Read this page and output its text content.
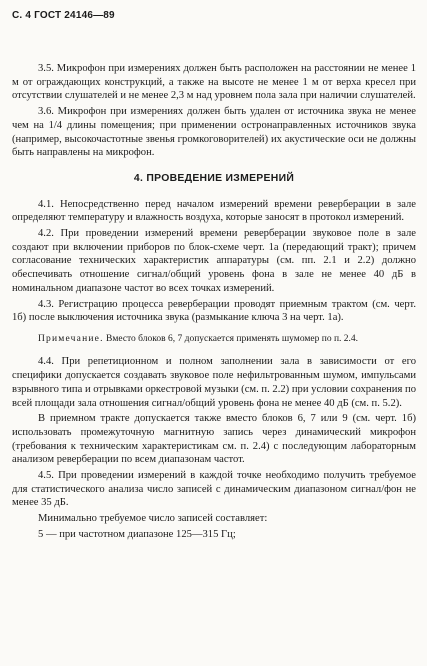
С. 4 ГОСТ 24146—89

3.5. Микрофон при измерениях должен быть расположен на расстоянии не менее 1 м от ограждающих конструкций, а также на высоте не менее 1 м от верха кресел при отсутствии слушателей и не менее 2,3 м над уровнем пола зала при наличии слушателей.

3.6. Микрофон при измерениях должен быть удален от источника звука не менее чем на 1/4 длины помещения; при применении остронаправленных источников звука (например, высокочастотные звенья громкоговорителей) их акустические оси не должны быть направлены на микрофон.

4. ПРОВЕДЕНИЕ ИЗМЕРЕНИЙ

4.1. Непосредственно перед началом измерений времени реверберации в зале определяют температуру и влажность воздуха, которые заносят в протокол измерений.

4.2. При проведении измерений времени реверберации звуковое поле в зале создают при включении приборов по блок-схеме черт. 1а (передающий тракт); причем согласование технических характеристик аппаратуры (см. пп. 2.1 и 2.2) должно обеспечивать отношение сигнал/общий уровень фона в зале не менее 40 дБ в номинальном диапазоне частот во всех точках измерений.

4.3. Регистрацию процесса реверберации проводят приемным трактом (см. черт. 1б) после выключения источника звука (размыкание ключа 3 на черт. 1а).

Примечание. Вместо блоков 6, 7 допускается применять шумомер по п. 2.4.

4.4. При репетиционном и полном заполнении зала в зависимости от его специфики допускается создавать звуковое поле нефильтрованным шумом, импульсами взрывного типа и отрывками оркестровой музыки (см. п. 2.2) при условии сохранения по всей площади зала отношения сигнал/общий уровень фона не менее 40 дБ (см. п. 5.2).

В приемном тракте допускается также вместо блоков 6, 7 или 9 (см. черт. 1б) использовать промежуточную магнитную запись через динамический микрофон (требования к техническим характеристикам см. п. 2.4) с последующим лабораторным анализом реверберации по всем диапазонам частот.

4.5. При проведении измерений в каждой точке необходимо получить требуемое для статистического анализа число записей с динамическим диапазоном сигнал/фон не менее 35 дБ.

Минимально требуемое число записей составляет:

5 — при частотном диапазоне 125—315 Гц;
